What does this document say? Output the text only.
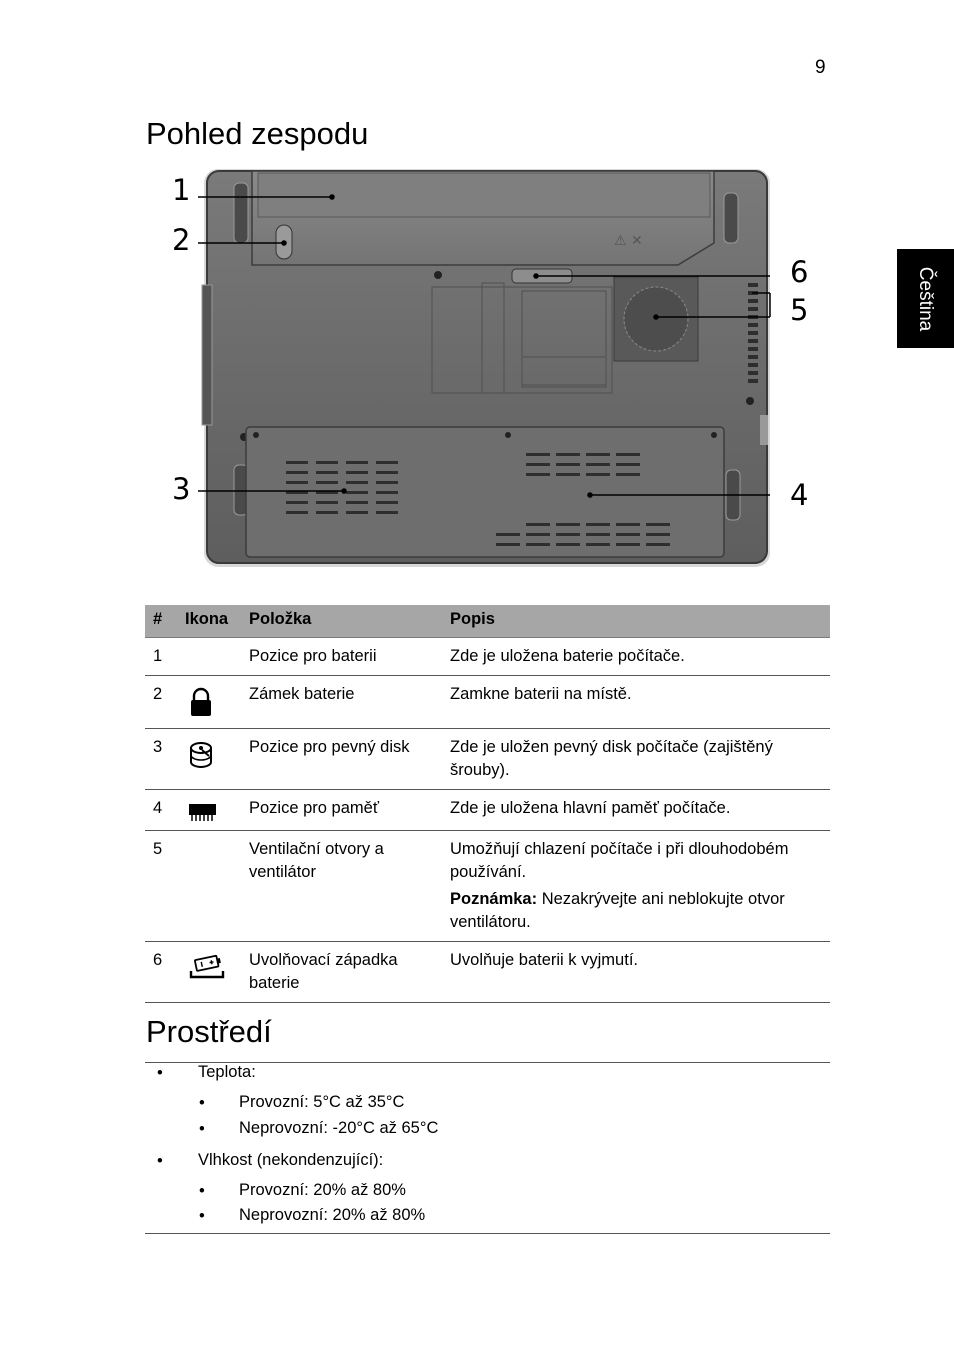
9
Čeština
Pohled zespodu
⚠ ✕
1
2
3	4
5
6
#	Ikona	Položka	Popis
1		Pozice pro baterii	Zde je uložena baterie počítače.

2		Zámek baterie	Zamkne baterii na místě.

3		Pozice pro pevný disk	Zde je uložen pevný disk počítače (zajištěný šrouby).

4		Pozice pro paměť	Zde je uložena hlavní paměť počítače.

5		Ventilační otvory a ventilátor	Umožňují chlazení počítače i při dlouhodobém používání.

Poznámka: Nezakrývejte ani neblokujte otvor ventilátoru.

6		Uvolňovací západka baterie	Uvolňuje baterii k vyjmutí.

Prostředí
• Teplota:
• Provozní: 5°C až 35°C
• Neprovozní: -20°C až 65°C
• Vlhkost (nekondenzující):
• Provozní: 20% až 80%
• Neprovozní: 20% až 80%
